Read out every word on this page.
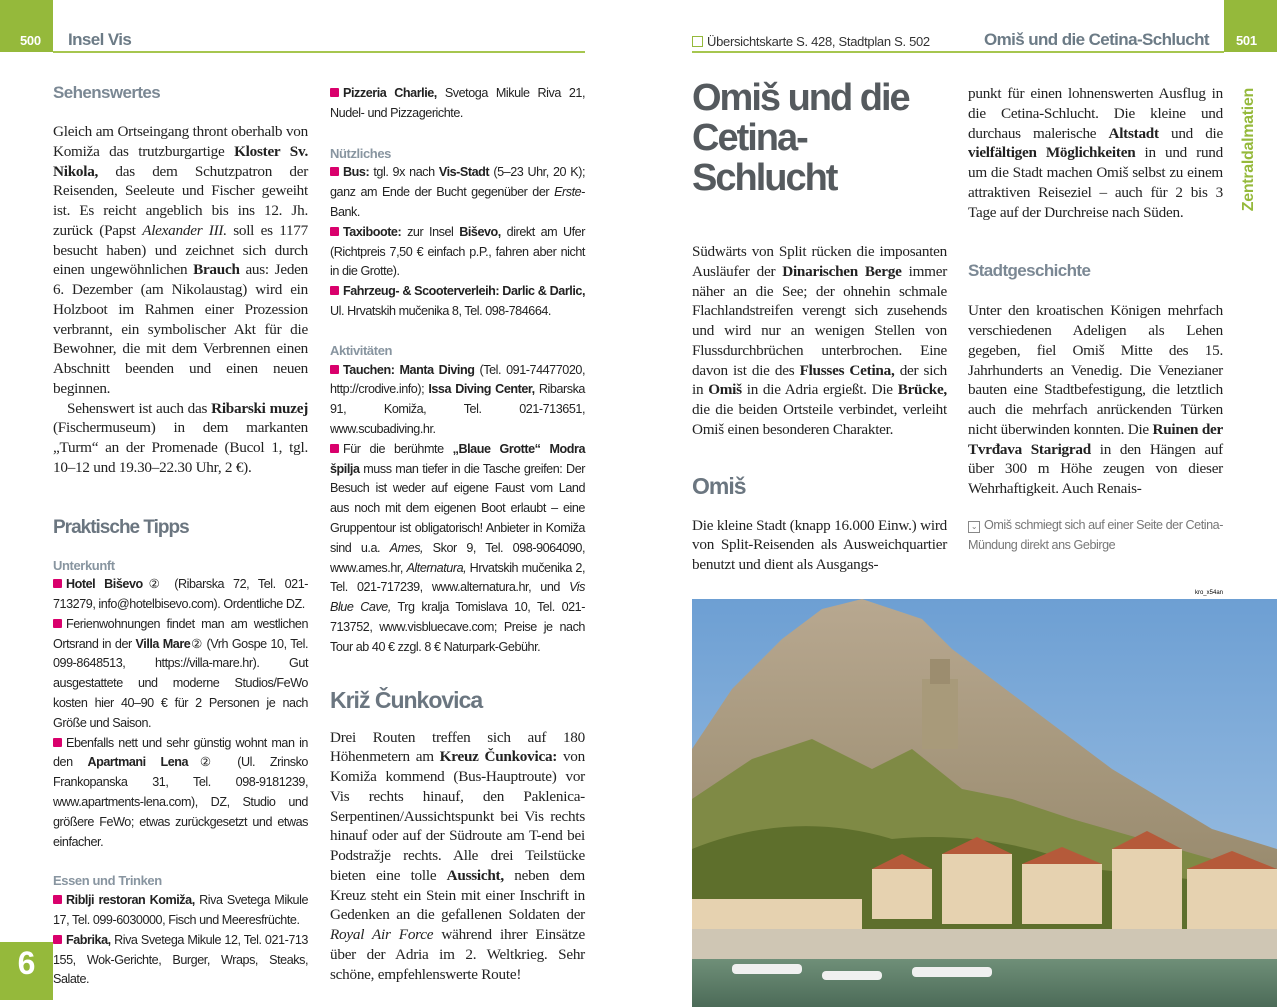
500 Insel Vis
Sehenswertes

Gleich am Ortseingang thront oberhalb von Komiža das trutzburgartige Kloster Sv. Nikola, das dem Schutzpatron der Reisenden, Seeleute und Fischer geweiht ist. Es reicht angeblich bis ins 12. Jh. zurück (Papst Alexander III. soll es 1177 besucht haben) und zeichnet sich durch einen ungewöhnlichen Brauch aus: Jeden 6. Dezember (am Nikolaustag) wird ein Holzboot im Rahmen einer Prozession verbrannt, ein symbolischer Akt für die Bewohner, die mit dem Verbrennen einen Abschnitt beenden und einen neuen beginnen.

Sehenswert ist auch das Ribarski muzej (Fischermuseum) in dem markanten „Turm“ an der Promenade (Bucol 1, tgl. 10–12 und 19.30–22.30 Uhr, 2 €).

Praktische Tipps
Unterkunft

Hotel Biševo② (Ribarska 72, Tel. 021-713279, info@hotelbisevo.com). Ordentliche DZ.

Ferienwohnungen findet man am westlichen Ortsrand in der Villa Mare② (Vrh Gospe 10, Tel. 099-8648513, https://villa-mare.hr). Gut ausgestattete und moderne Studios/FeWo kosten hier 40–90 € für 2 Personen je nach Größe und Saison.

Ebenfalls nett und sehr günstig wohnt man in den Apartmani Lena② (Ul. Zrinsko Frankopanska 31, Tel. 098-9181239, www.apartments-lena.com), DZ, Studio und größere FeWo; etwas zurückgesetzt und etwas einfacher.

Essen und Trinken

Riblji restoran Komiža, Riva Svetega Mikule 17, Tel. 099-6030000, Fisch und Meeresfrüchte.

Fabrika, Riva Svetega Mikule 12, Tel. 021-713 155, Wok-Gerichte, Burger, Wraps, Steaks, Salate.

Pizzeria Charlie, Svetoga Mikule Riva 21, Nudel- und Pizzagerichte.

Nützliches

Bus: tgl. 9x nach Vis-Stadt (5–23 Uhr, 20 K); ganz am Ende der Bucht gegenüber der Erste-Bank.

Taxiboote: zur Insel Biševo, direkt am Ufer (Richtpreis 7,50 € einfach p.P., fahren aber nicht in die Grotte).

Fahrzeug- & Scooterverleih: Darlic & Darlic, Ul. Hrvatskih mučenika 8, Tel. 098-784664.

Aktivitäten

Tauchen: Manta Diving (Tel. 091-74477020, http://crodive.info); Issa Diving Center, Ribarska 91, Komiža, Tel. 021-713651, www.scubadiving.hr.

Für die berühmte „Blaue Grotte“ Modra špilja muss man tiefer in die Tasche greifen: Der Besuch ist weder auf eigene Faust vom Land aus noch mit dem eigenen Boot erlaubt – eine Gruppentour ist obligatorisch! Anbieter in Komiža sind u.a. Ames, Skor 9, Tel. 098-9064090, www.ames.hr, Alternatura, Hrvatskih mučenika 2, Tel. 021-717239, www.alternatura.hr, und Vis Blue Cave, Trg kralja Tomislava 10, Tel. 021-713752, www.visbluecave.com; Preise je nach Tour ab 40 € zzgl. 8 € Naturpark-Gebühr.

Križ Čunkovica

Drei Routen treffen sich auf 180 Höhenmetern am Kreuz Čunkovica: von Komiža kommend (Bus-Hauptroute) vor Vis rechts hinauf, den Paklenica-Serpentinen/Aussichtspunkt bei Vis rechts hinauf oder auf der Südroute am T-end bei Podstražje rechts. Alle drei Teilstücke bieten eine tolle Aussicht, neben dem Kreuz steht ein Stein mit einer Inschrift in Gedenken an die gefallenen Soldaten der Royal Air Force während ihrer Einsätze über der Adria im 2. Weltkrieg. Sehr schöne, empfehlenswerte Route!

6
Übersichtskarte S. 428, Stadtplan S. 502	Omiš und die Cetina-Schlucht 501
Zentraldalmatien
Omiš und die
Cetina-Schlucht

Südwärts von Split rücken die imposanten Ausläufer der Dinarischen Berge immer näher an die See; der ohnehin schmale Flachlandstreifen verengt sich zusehends und wird nur an wenigen Stellen von Flussdurchbrüchen unterbrochen. Eine davon ist die des Flusses Cetina, der sich in Omiš in die Adria ergießt. Die Brücke, die die beiden Ortsteile verbindet, verleiht Omiš einen besonderen Charakter.

Omiš

Die kleine Stadt (knapp 16.000 Einw.) wird von Split-Reisenden als Ausweichquartier benutzt und dient als Ausgangs-

punkt für einen lohnenswerten Ausflug in die Cetina-Schlucht. Die kleine und durchaus malerische Altstadt und die vielfältigen Möglichkeiten in und rund um die Stadt machen Omiš selbst zu einem attraktiven Reiseziel – auch für 2 bis 3 Tage auf der Durchreise nach Süden.

Stadtgeschichte

Unter den kroatischen Königen mehrfach verschiedenen Adeligen als Lehen gegeben, fiel Omiš Mitte des 15. Jahrhunderts an Venedig. Die Venezianer bauten eine Stadtbefestigung, die letztlich auch die mehrfach anrückenden Türken nicht überwinden konnten. Die Ruinen der Tvrđava Starigrad in den Hängen auf über 300 m Höhe zeugen von dieser Wehrhaftigkeit. Auch Renais-

⌄ Omiš schmiegt sich auf einer Seite der Cetina-Mündung direkt ans Gebirge
kro_x54an
